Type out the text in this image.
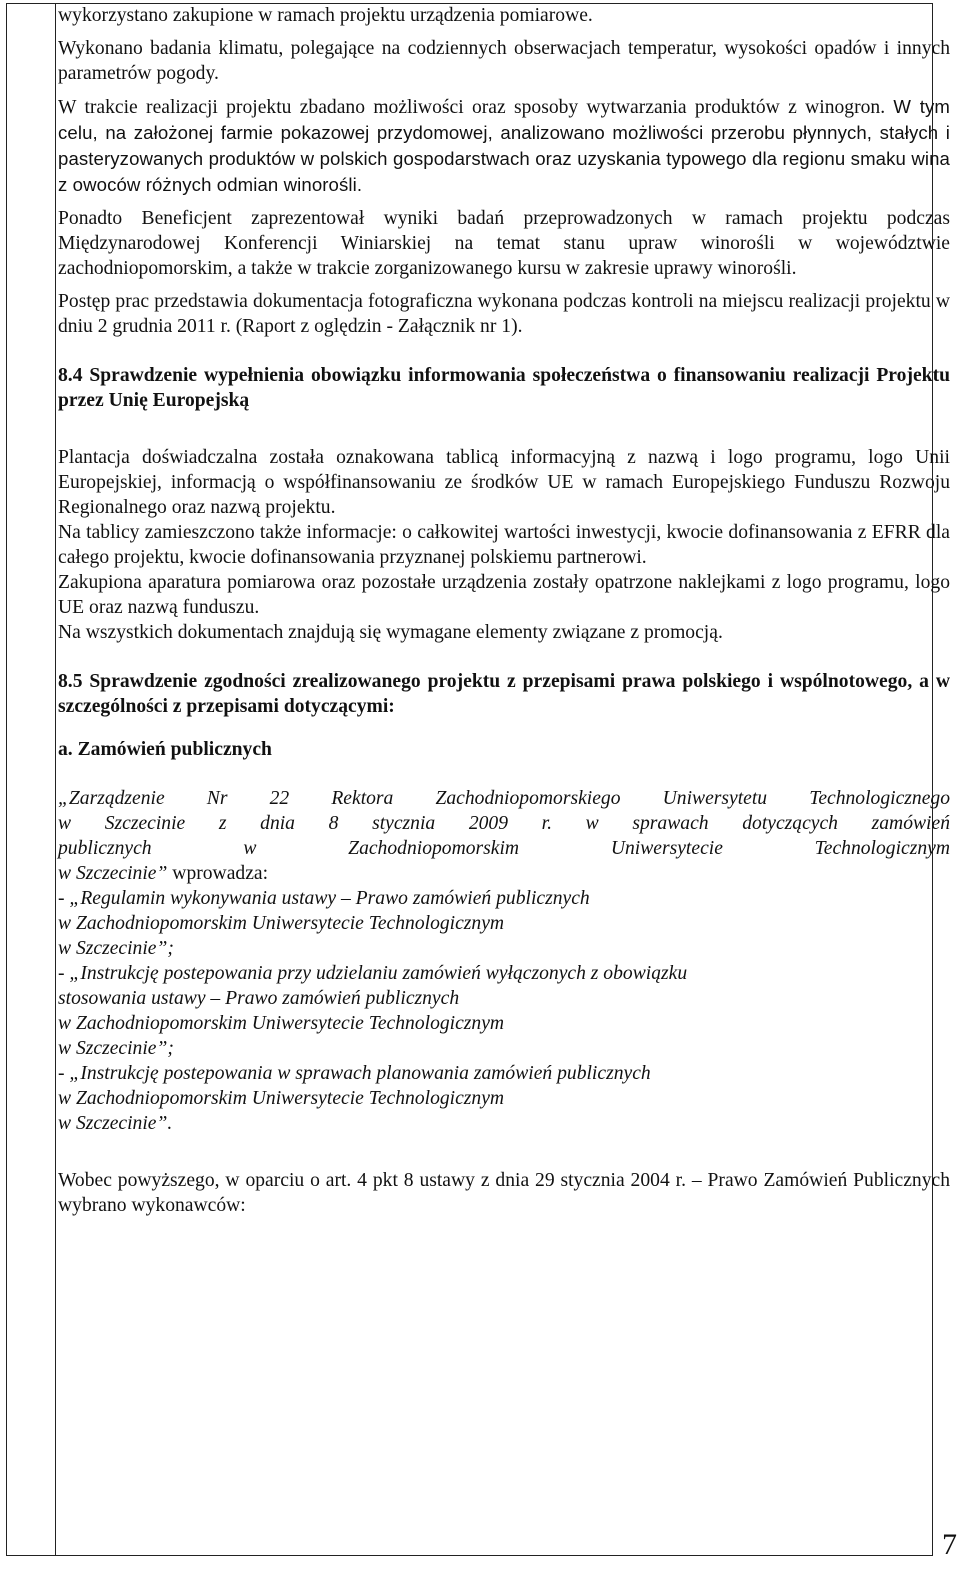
wykorzystano zakupione w ramach projektu urządzenia pomiarowe.

Wykonano badania klimatu, polegające na codziennych obserwacjach temperatur, wysokości opadów i innych parametrów pogody.

W trakcie realizacji projektu zbadano możliwości oraz sposoby wytwarzania produktów z winogron. W tym celu, na założonej farmie pokazowej przydomowej, analizowano możliwości przerobu płynnych, stałych i pasteryzowanych produktów w polskich gospodarstwach oraz uzyskania typowego dla regionu smaku wina z owoców różnych odmian winorośli.

Ponadto Beneficjent zaprezentował wyniki badań przeprowadzonych w ramach projektu podczas Międzynarodowej Konferencji Winiarskiej na temat stanu upraw winorośli w województwie zachodniopomorskim, a także w trakcie zorganizowanego kursu w zakresie uprawy winorośli.

Postęp prac przedstawia dokumentacja fotograficzna wykonana podczas kontroli na miejscu realizacji projektu w dniu 2 grudnia 2011 r. (Raport z oględzin - Załącznik nr 1).

8.4 Sprawdzenie wypełnienia obowiązku informowania społeczeństwa o finansowaniu realizacji Projektu przez Unię Europejską

Plantacja doświadczalna została oznakowana tablicą informacyjną z nazwą i logo programu, logo Unii Europejskiej, informacją o współfinansowaniu ze środków UE w ramach Europejskiego Funduszu Rozwoju Regionalnego oraz nazwą projektu.

Na tablicy zamieszczono także informacje: o całkowitej wartości inwestycji, kwocie dofinansowania z EFRR dla całego projektu, kwocie dofinansowania przyznanej polskiemu partnerowi.

Zakupiona aparatura pomiarowa oraz pozostałe urządzenia zostały opatrzone naklejkami z logo programu, logo UE oraz nazwą funduszu.

Na wszystkich dokumentach znajdują się wymagane elementy związane z promocją.

8.5 Sprawdzenie zgodności zrealizowanego projektu z przepisami prawa polskiego i wspólnotowego, a w szczególności z przepisami dotyczącymi:

a. Zamówień publicznych

„Zarządzenie Nr 22 Rektora Zachodniopomorskiego Uniwersytetu Technologicznego
w Szczecinie z dnia 8 stycznia 2009 r. w sprawach dotyczących zamówień
publicznych w Zachodniopomorskim Uniwersytecie Technologicznym
w Szczecinie” wprowadza:
- „Regulamin wykonywania ustawy – Prawo zamówień publicznych
w Zachodniopomorskim Uniwersytecie Technologicznym
w Szczecinie”;
- „Instrukcję postepowania przy udzielaniu zamówień wyłączonych z obowiązku
stosowania ustawy – Prawo zamówień publicznych
w Zachodniopomorskim Uniwersytecie Technologicznym
w Szczecinie”;
- „Instrukcję postepowania w sprawach planowania zamówień publicznych
w Zachodniopomorskim Uniwersytecie Technologicznym
w Szczecinie”.

Wobec powyższego, w oparciu o art. 4 pkt 8 ustawy z dnia 29 stycznia 2004 r. – Prawo Zamówień Publicznych wybrano wykonawców:

7
